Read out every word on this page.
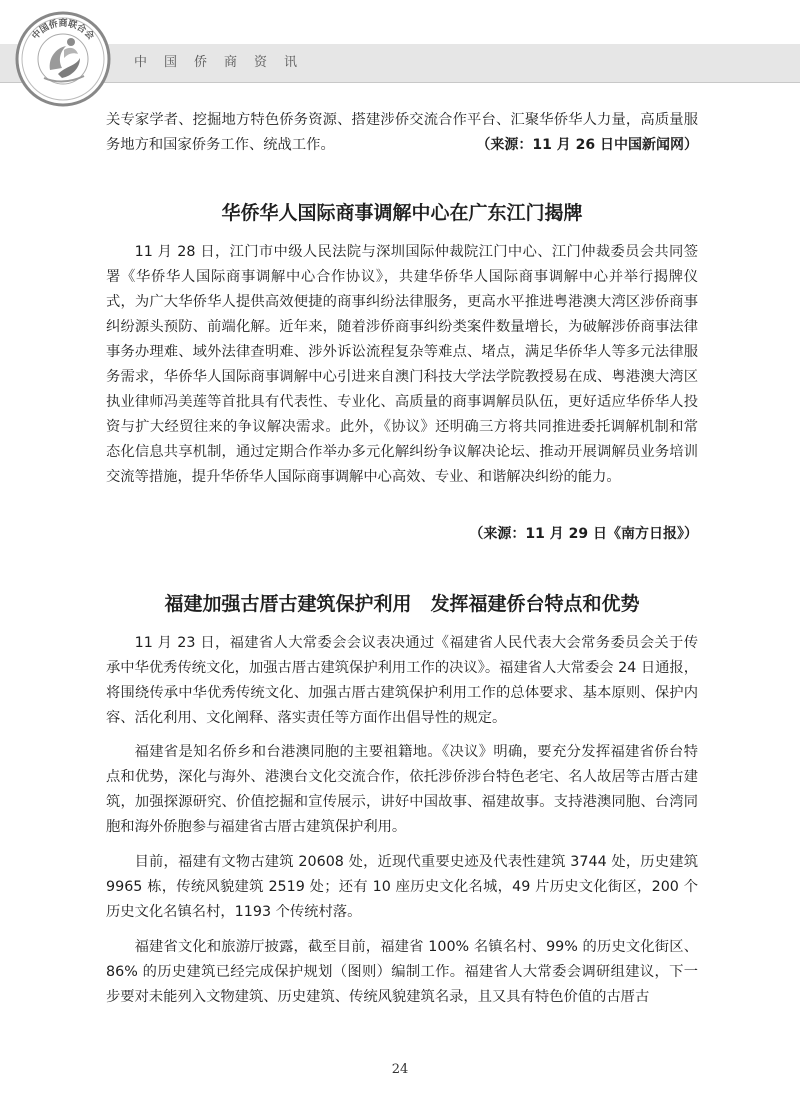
中国侨商资讯
中国侨商联合会

关专家学者、挖掘地方特色侨务资源、搭建涉侨交流合作平台、汇聚华侨华人力量，高质量服务地方和国家侨务工作、统战工作。	（来源：11 月 26 日中国新闻网）
华侨华人国际商事调解中心在广东江门揭牌

11 月 28 日，江门市中级人民法院与深圳国际仲裁院江门中心、江门仲裁委员会共同签署《华侨华人国际商事调解中心合作协议》，共建华侨华人国际商事调解中心并举行揭牌仪式，为广大华侨华人提供高效便捷的商事纠纷法律服务，更高水平推进粤港澳大湾区涉侨商事纠纷源头预防、前端化解。近年来，随着涉侨商事纠纷类案件数量增长，为破解涉侨商事法律事务办理难、域外法律查明难、涉外诉讼流程复杂等难点、堵点，满足华侨华人等多元法律服务需求，华侨华人国际商事调解中心引进来自澳门科技大学法学院教授易在成、粤港澳大湾区执业律师冯美莲等首批具有代表性、专业化、高质量的商事调解员队伍，更好适应华侨华人投资与扩大经贸往来的争议解决需求。此外，《协议》还明确三方将共同推进委托调解机制和常态化信息共享机制，通过定期合作举办多元化解纠纷争议解决论坛、推动开展调解员业务培训交流等措施，提升华侨华人国际商事调解中心高效、专业、和谐解决纠纷的能力。

（来源：11 月 29 日《南方日报》）
福建加强古厝古建筑保护利用　发挥福建侨台特点和优势

11 月 23 日，福建省人大常委会会议表决通过《福建省人民代表大会常务委员会关于传承中华优秀传统文化，加强古厝古建筑保护利用工作的决议》。福建省人大常委会 24 日通报，将围绕传承中华优秀传统文化、加强古厝古建筑保护利用工作的总体要求、基本原则、保护内容、活化利用、文化阐释、落实责任等方面作出倡导性的规定。

福建省是知名侨乡和台港澳同胞的主要祖籍地。《决议》明确，要充分发挥福建省侨台特点和优势，深化与海外、港澳台文化交流合作，依托涉侨涉台特色老宅、名人故居等古厝古建筑，加强探源研究、价值挖掘和宣传展示，讲好中国故事、福建故事。支持港澳同胞、台湾同胞和海外侨胞参与福建省古厝古建筑保护利用。

目前，福建有文物古建筑 20608 处，近现代重要史迹及代表性建筑 3744 处，历史建筑 9965 栋，传统风貌建筑 2519 处；还有 10 座历史文化名城，49 片历史文化街区，200 个历史文化名镇名村，1193 个传统村落。

福建省文化和旅游厅披露，截至目前，福建省 100% 名镇名村、99% 的历史文化街区、86% 的历史建筑已经完成保护规划（图则）编制工作。福建省人大常委会调研组建议，下一步要对未能列入文物建筑、历史建筑、传统风貌建筑名录，且又具有特色价值的古厝古

24
